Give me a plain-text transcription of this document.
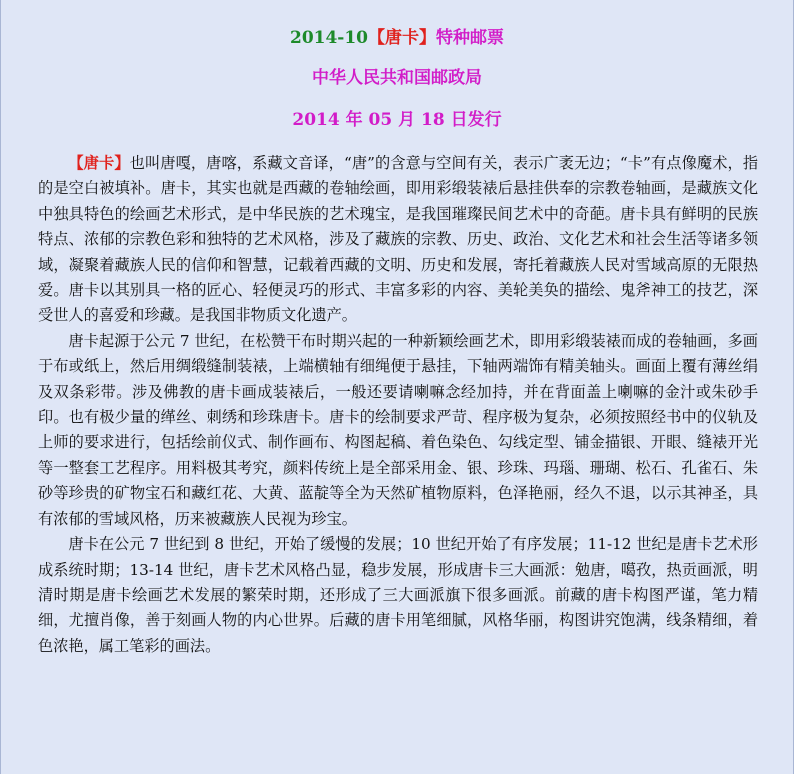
2014-10【唐卡】特种邮票
中华人民共和国邮政局
2014 年 05 月 18 日发行

【唐卡】也叫唐嘎，唐喀，系藏文音译，“唐”的含意与空间有关，表示广袤无边；“卡”有点像魔术，指的是空白被填补。唐卡，其实也就是西藏的卷轴绘画，即用彩缎装裱后悬挂供奉的宗教卷轴画，是藏族文化中独具特色的绘画艺术形式，是中华民族的艺术瑰宝，是我国璀璨民间艺术中的奇葩。唐卡具有鲜明的民族特点、浓郁的宗教色彩和独特的艺术风格，涉及了藏族的宗教、历史、政治、文化艺术和社会生活等诸多领域，凝聚着藏族人民的信仰和智慧，记载着西藏的文明、历史和发展，寄托着藏族人民对雪域高原的无限热爱。唐卡以其别具一格的匠心、轻便灵巧的形式、丰富多彩的内容、美轮美奂的描绘、鬼斧神工的技艺，深受世人的喜爱和珍藏。是我国非物质文化遗产。

唐卡起源于公元 7 世纪，在松赞干布时期兴起的一种新颖绘画艺术，即用彩缎装裱而成的卷轴画，多画于布或纸上，然后用绸缎缝制装裱，上端横轴有细绳便于悬挂，下轴两端饰有精美轴头。画面上覆有薄丝绢及双条彩带。涉及佛教的唐卡画成装裱后，一般还要请喇嘛念经加持，并在背面盖上喇嘛的金汁或朱砂手印。也有极少量的缂丝、刺绣和珍珠唐卡。唐卡的绘制要求严苛、程序极为复杂，必须按照经书中的仪轨及上师的要求进行，包括绘前仪式、制作画布、构图起稿、着色染色、勾线定型、铺金描银、开眼、缝裱开光等一整套工艺程序。用料极其考究，颜料传统上是全部采用金、银、珍珠、玛瑙、珊瑚、松石、孔雀石、朱砂等珍贵的矿物宝石和藏红花、大黄、蓝靛等全为天然矿植物原料，色泽艳丽，经久不退，以示其神圣，具有浓郁的雪域风格，历来被藏族人民视为珍宝。

唐卡在公元 7 世纪到 8 世纪，开始了缓慢的发展；10 世纪开始了有序发展；11-12 世纪是唐卡艺术形成系统时期；13-14 世纪，唐卡艺术风格凸显，稳步发展，形成唐卡三大画派：勉唐，噶孜，热贡画派，明清时期是唐卡绘画艺术发展的繁荣时期，还形成了三大画派旗下很多画派。前藏的唐卡构图严谨，笔力精细，尤擅肖像，善于刻画人物的内心世界。后藏的唐卡用笔细腻，风格华丽，构图讲究饱满，线条精细，着色浓艳，属工笔彩的画法。
